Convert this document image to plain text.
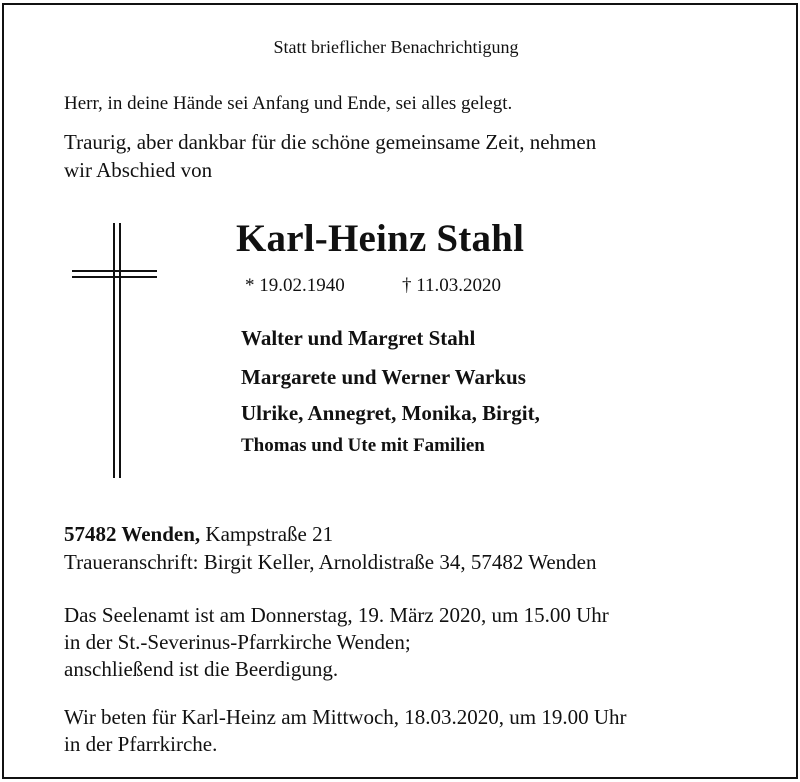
Statt brieflicher Benachrichtigung
Herr, in deine Hände sei Anfang und Ende, sei alles gelegt.
Traurig, aber dankbar für die schöne gemeinsame Zeit, nehmen
wir Abschied von
Karl-Heinz Stahl
* 19.02.1940	† 11.03.2020
Walter und Margret Stahl
Margarete und Werner Warkus
Ulrike, Annegret, Monika, Birgit,
Thomas und Ute mit Familien
57482 Wenden, Kampstraße 21
Traueranschrift: Birgit Keller, Arnoldistraße 34, 57482 Wenden
Das Seelenamt ist am Donnerstag, 19. März 2020, um 15.00 Uhr
in der St.-Severinus-Pfarrkirche Wenden;
anschließend ist die Beerdigung.
Wir beten für Karl-Heinz am Mittwoch, 18.03.2020, um 19.00 Uhr
in der Pfarrkirche.
